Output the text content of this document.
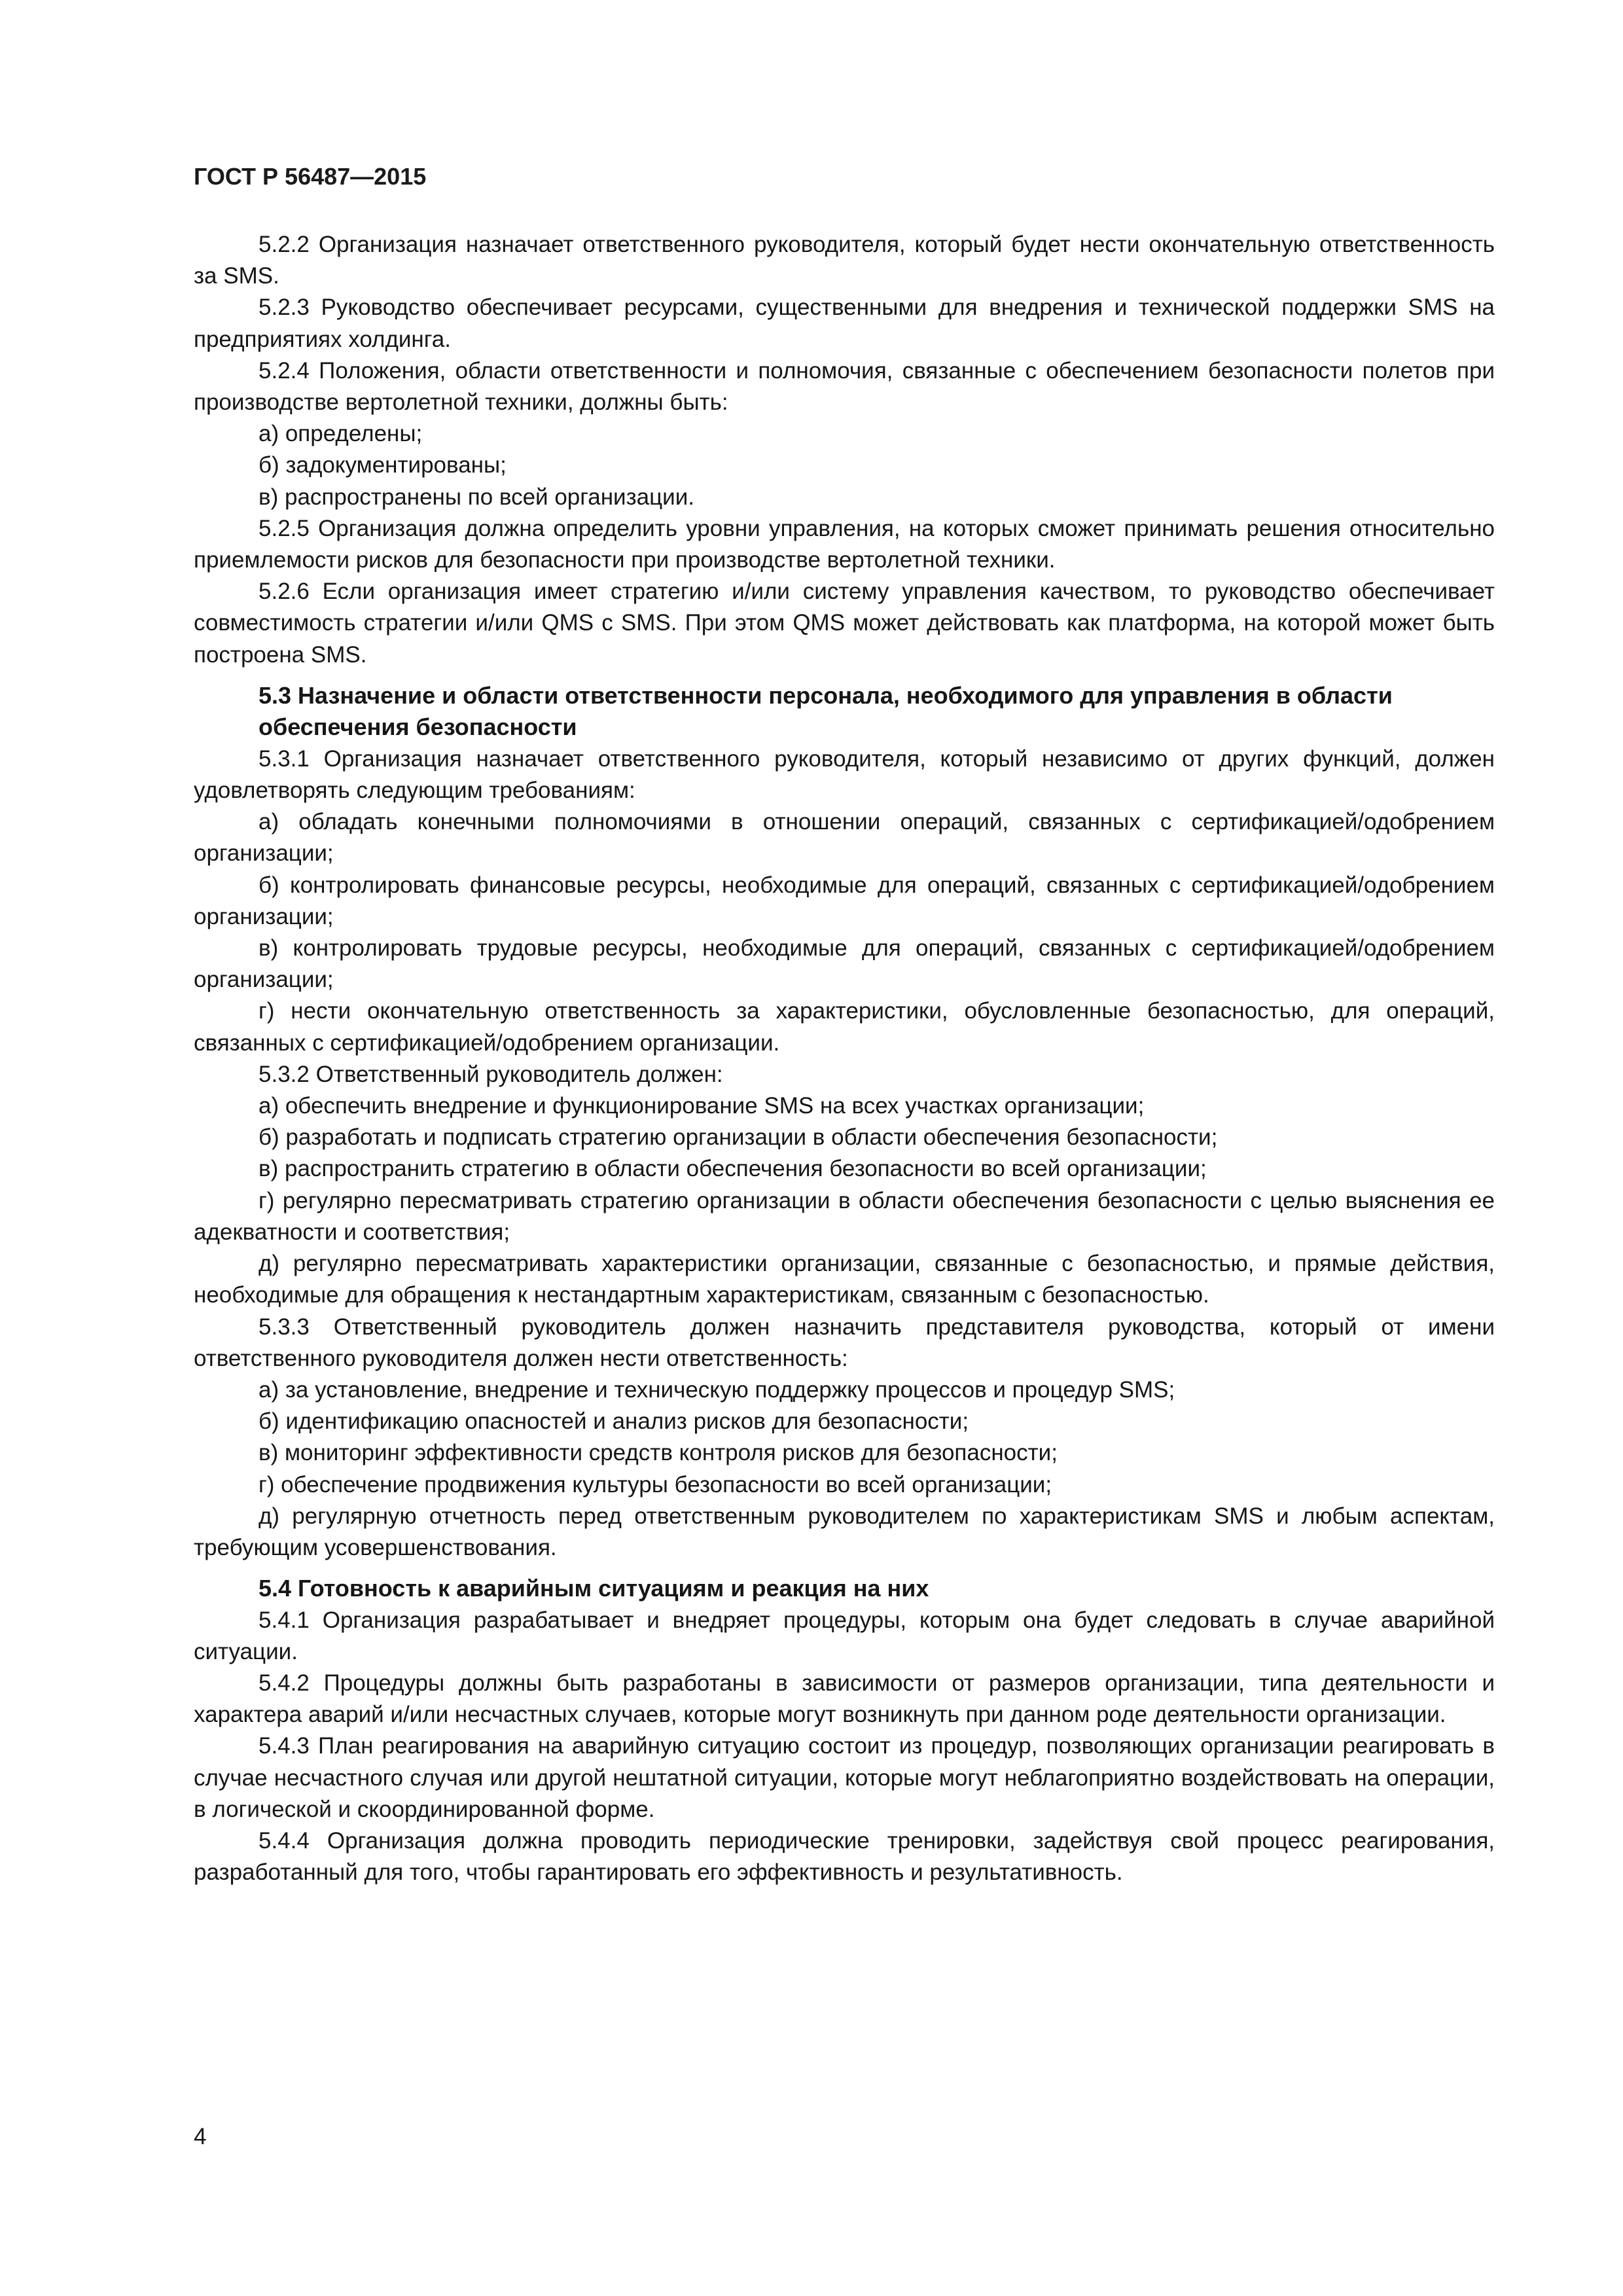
ГОСТ Р 56487—2015

5.2.2 Организация назначает ответственного руководителя, который будет нести окончательную ответственность за SMS.

5.2.3 Руководство обеспечивает ресурсами, существенными для внедрения и технической поддержки SMS на предприятиях холдинга.

5.2.4 Положения, области ответственности и полномочия, связанные с обеспечением безопасности полетов при производстве вертолетной техники, должны быть:

а) определены;

б) задокументированы;

в) распространены по всей организации.

5.2.5 Организация должна определить уровни управления, на которых сможет принимать решения относительно приемлемости рисков для безопасности при производстве вертолетной техники.

5.2.6 Если организация имеет стратегию и/или систему управления качеством, то руководство обеспечивает совместимость стратегии и/или QMS с SMS. При этом QMS может действовать как платформа, на которой может быть построена SMS.

5.3 Назначение и области ответственности персонала, необходимого для управления в области обеспечения безопасности

5.3.1 Организация назначает ответственного руководителя, который независимо от других функций, должен удовлетворять следующим требованиям:

а) обладать конечными полномочиями в отношении операций, связанных с сертификацией/одобрением организации;

б) контролировать финансовые ресурсы, необходимые для операций, связанных с сертификацией/одобрением организации;

в) контролировать трудовые ресурсы, необходимые для операций, связанных с сертификацией/одобрением организации;

г) нести окончательную ответственность за характеристики, обусловленные безопасностью, для операций, связанных с сертификацией/одобрением организации.

5.3.2 Ответственный руководитель должен:

а) обеспечить внедрение и функционирование SMS на всех участках организации;

б) разработать и подписать стратегию организации в области обеспечения безопасности;

в) распространить стратегию в области обеспечения безопасности во всей организации;

г) регулярно пересматривать стратегию организации в области обеспечения безопасности с целью выяснения ее адекватности и соответствия;

д) регулярно пересматривать характеристики организации, связанные с безопасностью, и прямые действия, необходимые для обращения к нестандартным характеристикам, связанным с безопасностью.

5.3.3 Ответственный руководитель должен назначить представителя руководства, который от имени ответственного руководителя должен нести ответственность:

а) за установление, внедрение и техническую поддержку процессов и процедур SMS;

б) идентификацию опасностей и анализ рисков для безопасности;

в) мониторинг эффективности средств контроля рисков для безопасности;

г) обеспечение продвижения культуры безопасности во всей организации;

д) регулярную отчетность перед ответственным руководителем по характеристикам SMS и любым аспектам, требующим усовершенствования.

5.4 Готовность к аварийным ситуациям и реакция на них

5.4.1 Организация разрабатывает и внедряет процедуры, которым она будет следовать в случае аварийной ситуации.

5.4.2 Процедуры должны быть разработаны в зависимости от размеров организации, типа деятельности и характера аварий и/или несчастных случаев, которые могут возникнуть при данном роде деятельности организации.

5.4.3 План реагирования на аварийную ситуацию состоит из процедур, позволяющих организации реагировать в случае несчастного случая или другой нештатной ситуации, которые могут неблагоприятно воздействовать на операции, в логической и скоординированной форме.

5.4.4 Организация должна проводить периодические тренировки, задействуя свой процесс реагирования, разработанный для того, чтобы гарантировать его эффективность и результативность.

4
